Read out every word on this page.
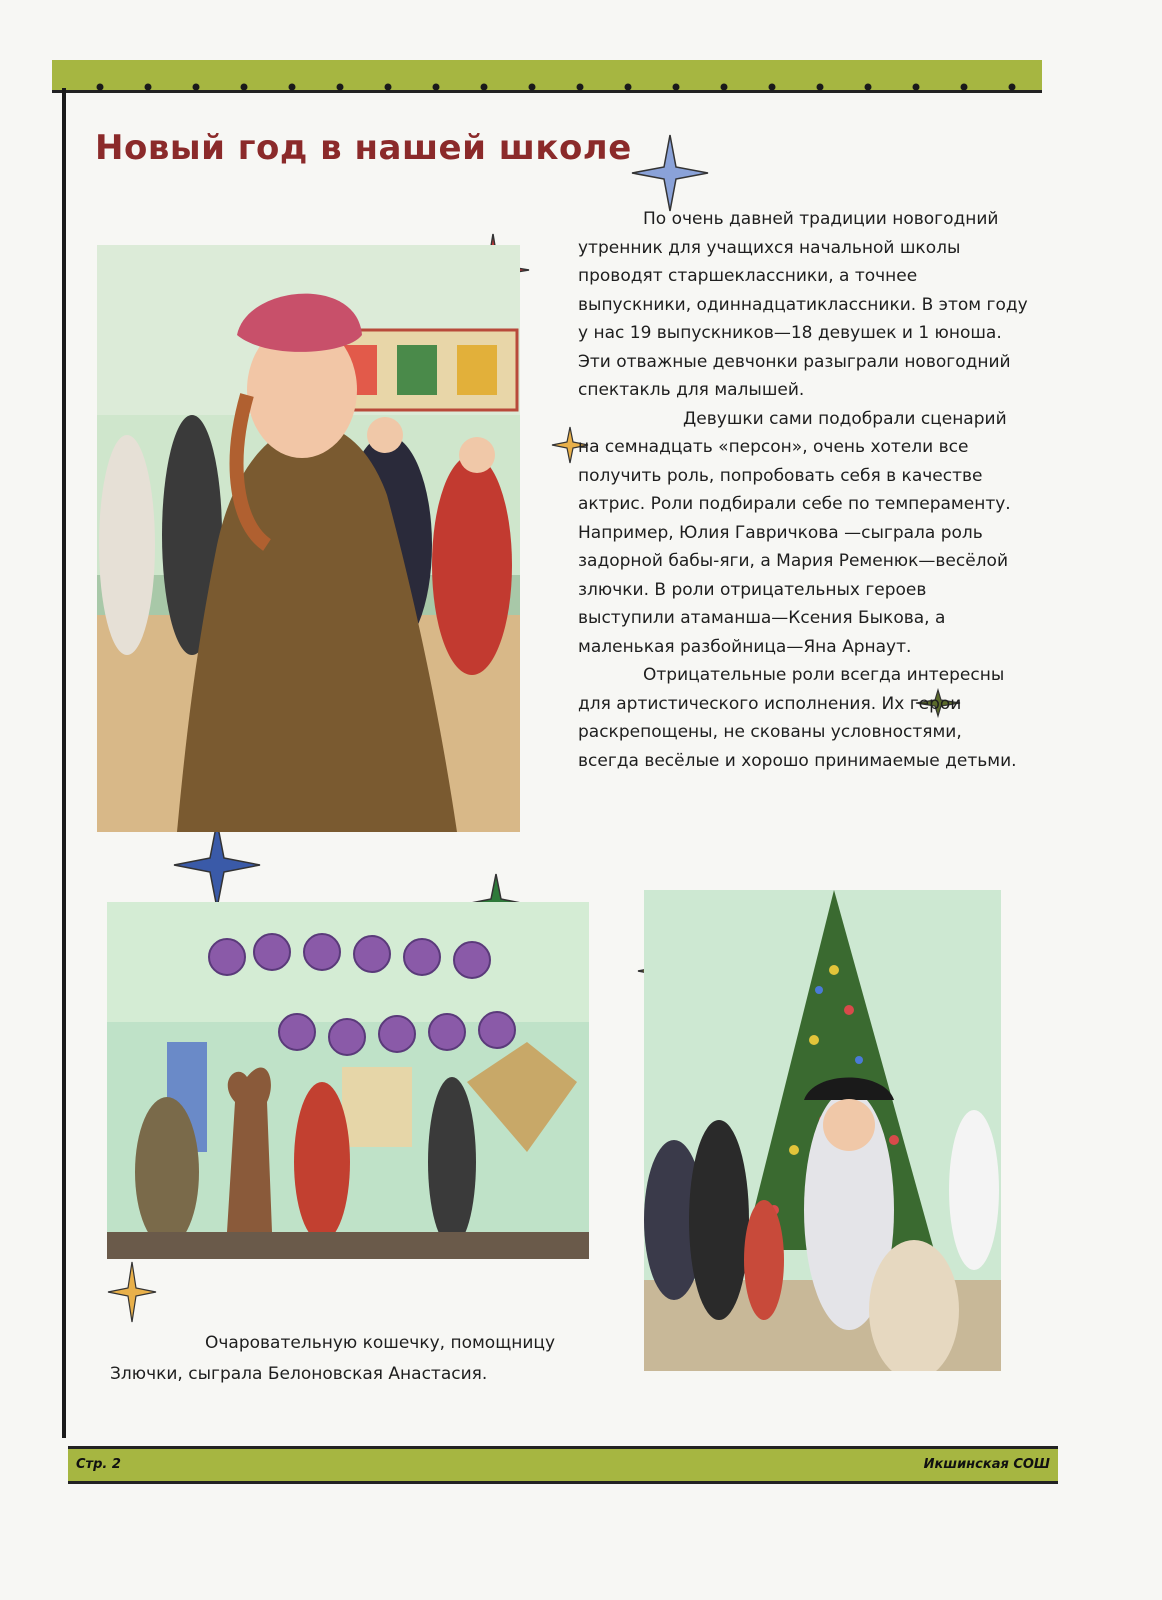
Новый год в нашей школе

По очень давней традиции новогодний утренник для учащихся начальной школы проводят старшеклассники, а точнее выпускники, одиннадцатиклассники. В этом году у нас 19 выпускников—18 девушек и 1 юноша. Эти отважные девчонки разыграли новогодний спектакль для малышей.

Девушки сами подобрали сценарий на семнадцать «персон», очень хотели все получить роль, попробовать себя в качестве актрис. Роли подбирали себе по темпераменту. Например, Юлия Гавричкова —сыграла роль задорной бабы-яги, а Мария Ременюк—весёлой злючки. В роли отрицательных героев выступили атаманша—Ксения Быкова, а маленькая разбойница—Яна Арнаут.

Отрицательные роли всегда интересны для артистического исполнения. Их герои раскрепощены, не скованы условностями, всегда весёлые и хорошо принимаемые детьми.

Очаровательную кошечку, помощницу Злючки, сыграла Белоновская Анастасия.

Стр. 2	Икшинская СОШ
